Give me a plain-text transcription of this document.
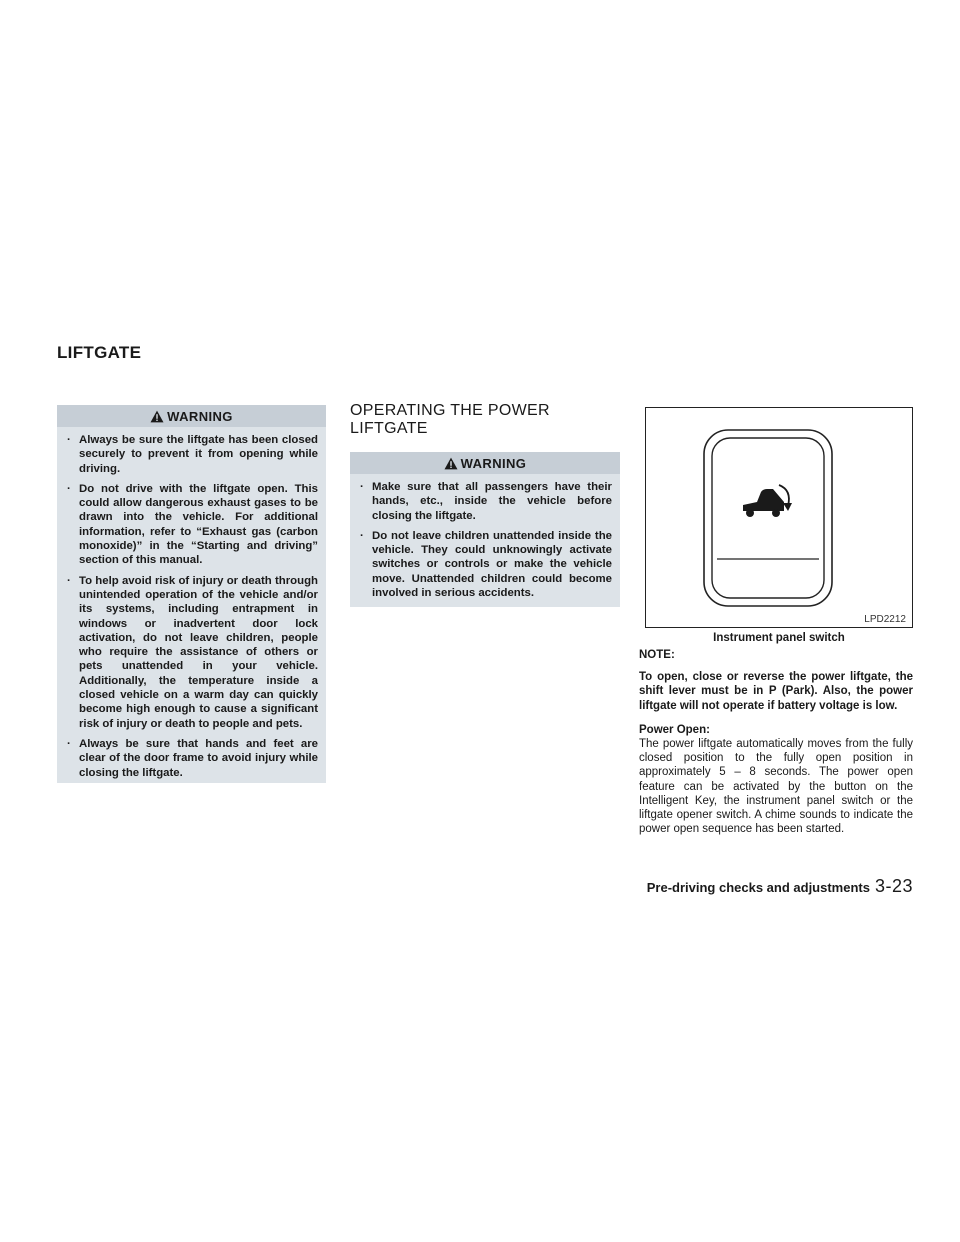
LIFTGATE
WARNING
· Always be sure the liftgate has been closed securely to prevent it from opening while driving.
· Do not drive with the liftgate open. This could allow dangerous exhaust gases to be drawn into the vehicle. For additional information, refer to “Exhaust gas (carbon monoxide)” in the “Starting and driving” section of this manual.
· To help avoid risk of injury or death through unintended operation of the vehicle and/or its systems, including entrapment in windows or inadvertent door lock activation, do not leave children, people who require the assistance of others or pets unattended in your vehicle. Additionally, the temperature inside a closed vehicle on a warm day can quickly become high enough to cause a significant risk of injury or death to people and pets.
· Always be sure that hands and feet are clear of the door frame to avoid injury while closing the liftgate.
OPERATING THE POWER LIFTGATE
WARNING
· Make sure that all passengers have their hands, etc., inside the vehicle before closing the liftgate.
· Do not leave children unattended inside the vehicle. They could unknowingly activate switches or controls or make the vehicle move. Unattended children could become involved in serious accidents.
LPD2212
Instrument panel switch

NOTE:

To open, close or reverse the power liftgate, the shift lever must be in P (Park). Also, the power liftgate will not operate if battery voltage is low.

Power Open:

The power liftgate automatically moves from the fully closed position to the fully open position in approximately 5 – 8 seconds. The power open feature can be activated by the button on the Intelligent Key, the instrument panel switch or the liftgate opener switch. A chime sounds to indicate the power open sequence has been started.

Pre-driving checks and adjustments 3-23
